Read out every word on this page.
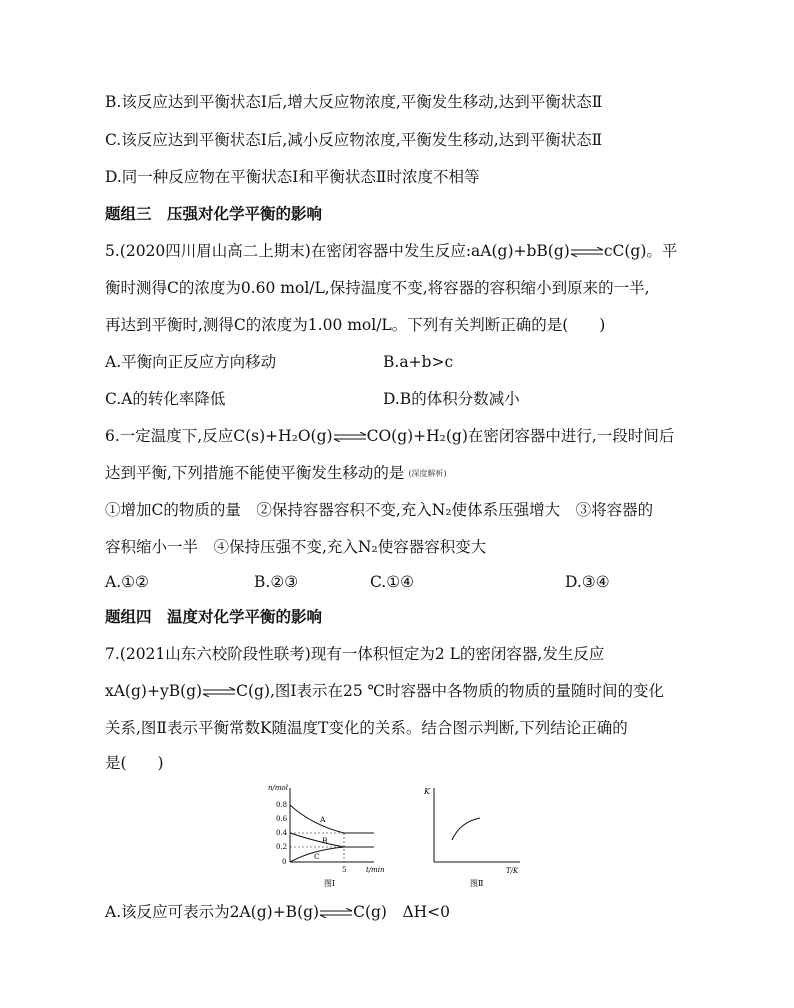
B.该反应达到平衡状态Ⅰ后,增大反应物浓度,平衡发生移动,达到平衡状态Ⅱ
C.该反应达到平衡状态Ⅰ后,减小反应物浓度,平衡发生移动,达到平衡状态Ⅱ
D.同一种反应物在平衡状态Ⅰ和平衡状态Ⅱ时浓度不相等
题组三　压强对化学平衡的影响
5.(2020四川眉山高二上期末)在密闭容器中发生反应:aA(g)+bB(g)⇌cC(g)。平
衡时测得C的浓度为0.60 mol/L,保持温度不变,将容器的容积缩小到原来的一半,
再达到平衡时,测得C的浓度为1.00 mol/L。下列有关判断正确的是(　　)
A.平衡向正反应方向移动	B.a+b>c
C.A的转化率降低	D.B的体积分数减小
6.一定温度下,反应C(s)+H₂O(g)⇌CO(g)+H₂(g)在密闭容器中进行,一段时间后
达到平衡,下列措施不能使平衡发生移动的是 (深度解析)
①增加C的物质的量　②保持容器容积不变,充入N₂使体系压强增大　③将容器的
容积缩小一半　④保持压强不变,充入N₂使容器容积变大
A.①②	B.②③	C.①④	D.③④
题组四　温度对化学平衡的影响
7.(2021山东六校阶段性联考)现有一体积恒定为2 L的密闭容器,发生反应
xA(g)+yB(g)⇌C(g),图Ⅰ表示在25 ℃时容器中各物质的物质的量随时间的变化
关系,图Ⅱ表示平衡常数K随温度T变化的关系。结合图示判断,下列结论正确的
是(　　)
n/mol
t/min
0.8
0.6
0.4
0.2
0
5
A
B
C
图Ⅰ
K
T/K
图Ⅱ
A.该反应可表示为2A(g)+B(g)⇌C(g)　ΔH<0
